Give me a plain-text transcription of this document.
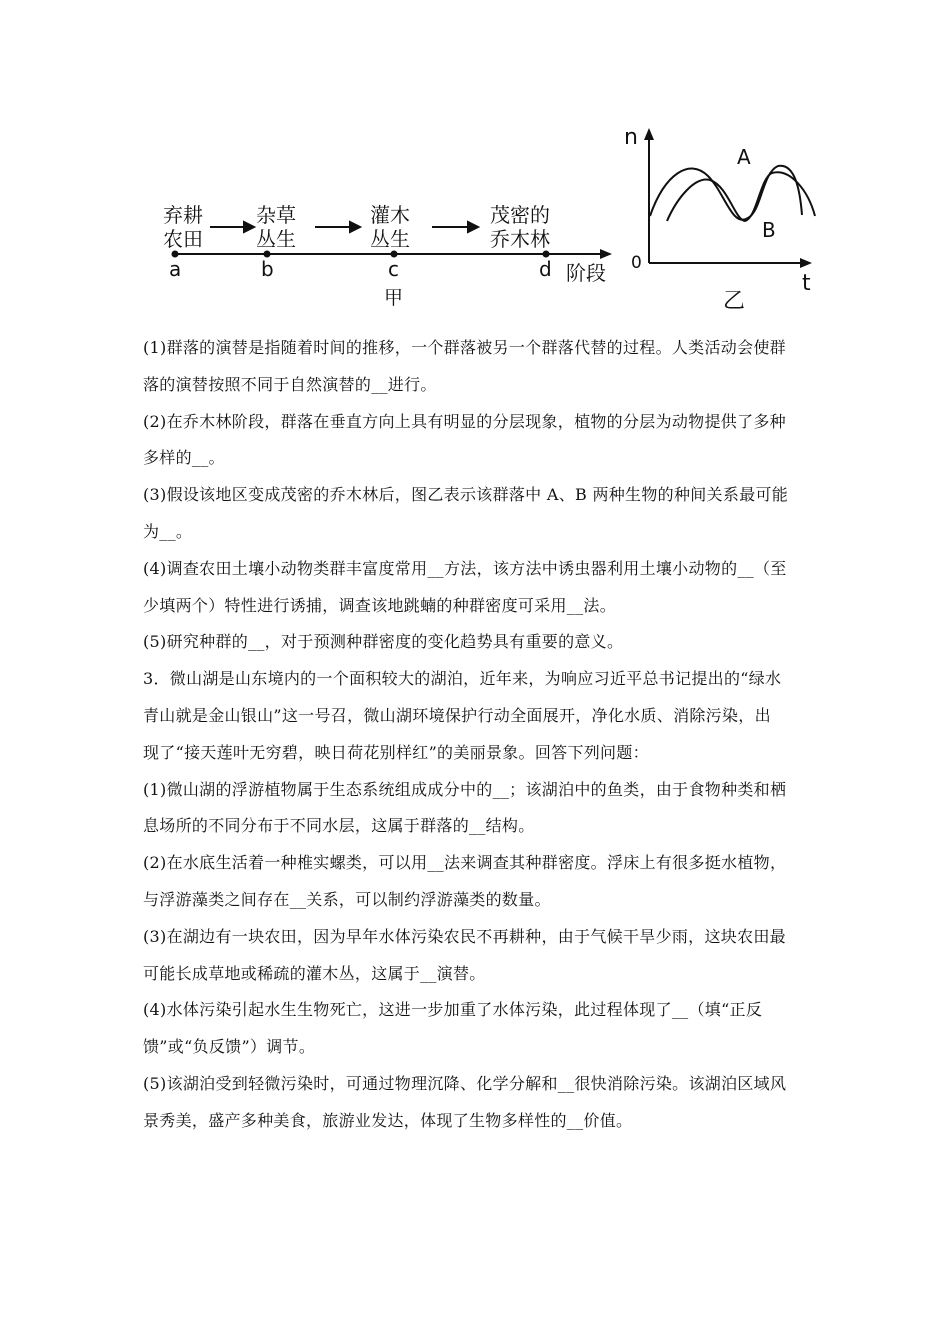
弃耕
农田
杂草
丛生
灌木
丛生
茂密的
乔木林
a	b	c	d 阶段
甲
n
t
0
A
B
乙
(1)群落的演替是指随着时间的推移，一个群落被另一个群落代替的过程。人类活动会使群
落的演替按照不同于自然演替的__进行。
(2)在乔木林阶段，群落在垂直方向上具有明显的分层现象，植物的分层为动物提供了多种
多样的__。
(3)假设该地区变成茂密的乔木林后，图乙表示该群落中 A、B 两种生物的种间关系最可能
为__。
(4)调查农田土壤小动物类群丰富度常用__方法，该方法中诱虫器利用土壤小动物的__（至
少填两个）特性进行诱捕，调查该地跳蝻的种群密度可采用__法。
(5)研究种群的__，对于预测种群密度的变化趋势具有重要的意义。
3．微山湖是山东境内的一个面积较大的湖泊，近年来，为响应习近平总书记提出的“绿水
青山就是金山银山”这一号召，微山湖环境保护行动全面展开，净化水质、消除污染，出
现了“接天莲叶无穷碧，映日荷花别样红”的美丽景象。回答下列问题：
(1)微山湖的浮游植物属于生态系统组成成分中的__；该湖泊中的鱼类，由于食物种类和栖
息场所的不同分布于不同水层，这属于群落的__结构。
(2)在水底生活着一种椎实螺类，可以用__法来调查其种群密度。浮床上有很多挺水植物，
与浮游藻类之间存在__关系，可以制约浮游藻类的数量。
(3)在湖边有一块农田，因为早年水体污染农民不再耕种，由于气候干旱少雨，这块农田最
可能长成草地或稀疏的灌木丛，这属于__演替。
(4)水体污染引起水生生物死亡，这进一步加重了水体污染，此过程体现了__（填“正反
馈”或“负反馈”）调节。
(5)该湖泊受到轻微污染时，可通过物理沉降、化学分解和__很快消除污染。该湖泊区域风
景秀美，盛产多种美食，旅游业发达，体现了生物多样性的__价值。
